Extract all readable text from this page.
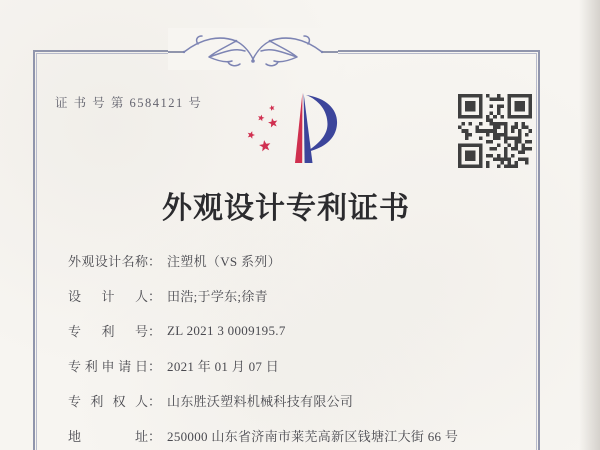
证 书 号 第 6584121 号
外观设计专利证书
外 观 设 计 名 称 ： 注塑机（VS 系列）
设 计 人 ： 田浩;于学东;徐青
专 利 号 ： ZL 2021 3 0009195.7
专 利 申 请 日 ： 2021 年 01 月 07 日
专 利 权 人 ： 山东胜沃塑料机械科技有限公司
地	址 ： 250000 山东省济南市莱芜高新区钱塘江大街 66 号
